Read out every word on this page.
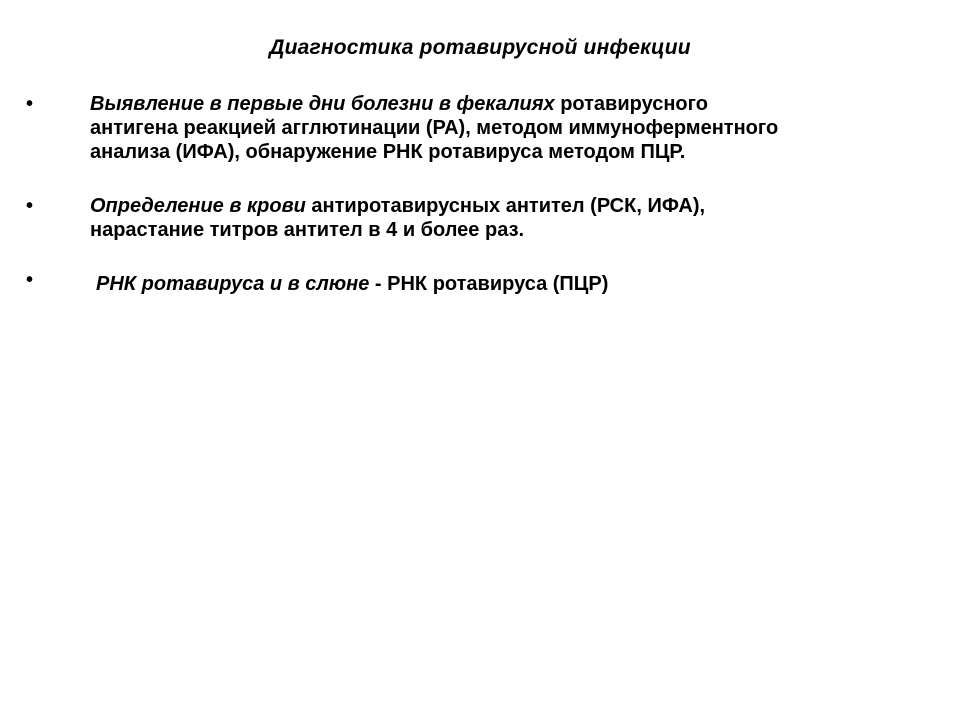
Диагностика ротавирусной инфекции
•	Выявление в первые дни болезни в фекалиях ротавирусного
антигена реакцией агглютинации (РА), методом иммуноферментного
анализа (ИФА), обнаружение РНК ротавируса методом ПЦР.
•	Определение в крови антиротавирусных антител (РСК, ИФА),
нарастание титров антител в 4 и более раз.
•	РНК ротавируса и в слюне - РНК ротавируса (ПЦР)
